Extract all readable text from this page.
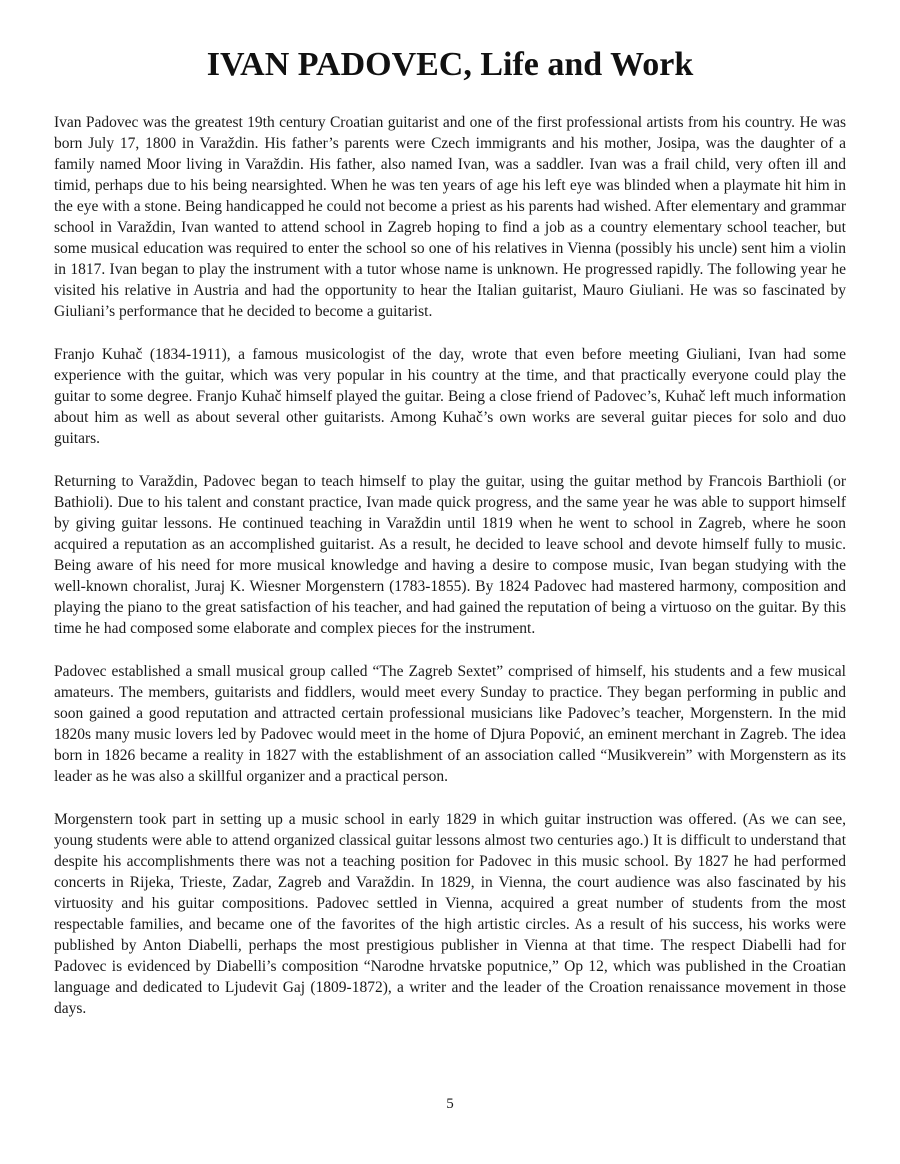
IVAN PADOVEC, Life and Work

Ivan Padovec was the greatest 19th century Croatian guitarist and one of the first professional artists from his country. He was born July 17, 1800 in Varaždin. His father’s parents were Czech immigrants and his mother, Josipa, was the daughter of a family named Moor living in Varaždin. His father, also named Ivan, was a saddler. Ivan was a frail child, very often ill and timid, perhaps due to his being nearsighted. When he was ten years of age his left eye was blinded when a playmate hit him in the eye with a stone. Being handicapped he could not become a priest as his parents had wished. After elementary and grammar school in Varaždin, Ivan wanted to attend school in Zagreb hoping to find a job as a country elementary school teacher, but some musical education was required to enter the school so one of his relatives in Vienna (possibly his uncle) sent him a violin in 1817. Ivan began to play the instrument with a tutor whose name is unknown. He progressed rapidly. The following year he visited his relative in Austria and had the opportunity to hear the Italian guitarist, Mauro Giuliani. He was so fascinated by Giuliani’s performance that he decided to become a guitarist.

Franjo Kuhač (1834-1911), a famous musicologist of the day, wrote that even before meeting Giuliani, Ivan had some experience with the guitar, which was very popular in his country at the time, and that practically everyone could play the guitar to some degree. Franjo Kuhač himself played the guitar. Being a close friend of Padovec’s, Kuhač left much information about him as well as about several other guitarists. Among Kuhač’s own works are several guitar pieces for solo and duo guitars.

Returning to Varaždin, Padovec began to teach himself to play the guitar, using the guitar method by Francois Barthioli (or Bathioli). Due to his talent and constant practice, Ivan made quick progress, and the same year he was able to support himself by giving guitar lessons. He continued teaching in Varaždin until 1819 when he went to school in Zagreb, where he soon acquired a reputation as an accomplished guitarist. As a result, he decided to leave school and devote himself fully to music. Being aware of his need for more musical knowledge and having a desire to compose music, Ivan began studying with the well-known choralist, Juraj K. Wiesner Morgenstern (1783-1855). By 1824 Padovec had mastered harmony, composition and playing the piano to the great satisfaction of his teacher, and had gained the reputation of being a virtuoso on the guitar. By this time he had composed some elaborate and complex pieces for the instrument.

Padovec established a small musical group called “The Zagreb Sextet” comprised of himself, his students and a few musical amateurs. The members, guitarists and fiddlers, would meet every Sunday to practice. They began performing in public and soon gained a good reputation and attracted certain professional musicians like Padovec’s teacher, Morgenstern. In the mid 1820s many music lovers led by Padovec would meet in the home of Djura Popović, an eminent merchant in Zagreb. The idea born in 1826 became a reality in 1827 with the establishment of an association called “Musikverein” with Morgenstern as its leader as he was also a skillful organizer and a practical person.

Morgenstern took part in setting up a music school in early 1829 in which guitar instruction was offered. (As we can see, young students were able to attend organized classical guitar lessons almost two centuries ago.) It is difficult to understand that despite his accomplishments there was not a teaching position for Padovec in this music school. By 1827 he had performed concerts in Rijeka, Trieste, Zadar, Zagreb and Varaždin. In 1829, in Vienna, the court audience was also fascinated by his virtuosity and his guitar compositions. Padovec settled in Vienna, acquired a great number of students from the most respectable families, and became one of the favorites of the high artistic circles. As a result of his success, his works were published by Anton Diabelli, perhaps the most prestigious publisher in Vienna at that time. The respect Diabelli had for Padovec is evidenced by Diabelli’s composition “Narodne hrvatske poputnice,” Op 12, which was published in the Croatian language and dedicated to Ljudevit Gaj (1809-1872), a writer and the leader of the Croation renaissance movement in those days.

5
